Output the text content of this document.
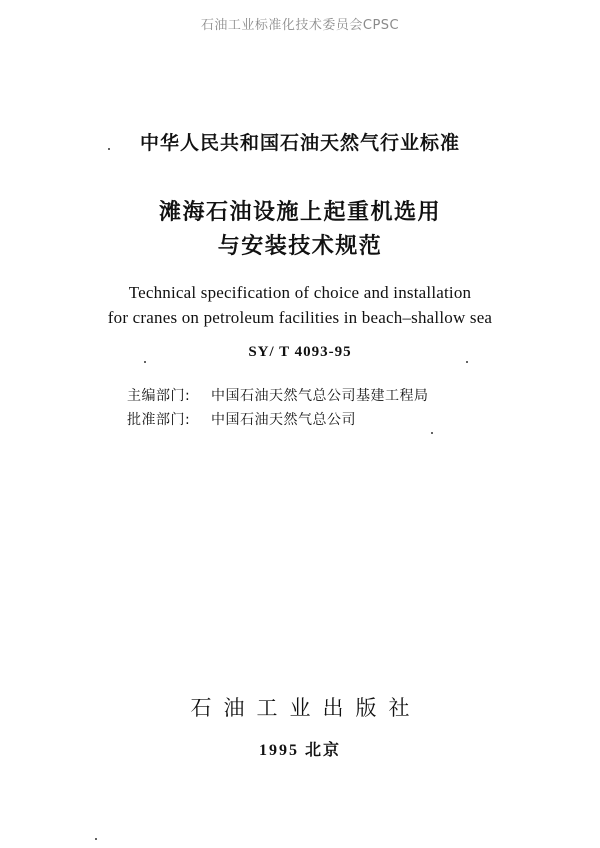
石油工业标准化技术委员会CPSC
中华人民共和国石油天然气行业标准
滩海石油设施上起重机选用
与安装技术规范
Technical specification of choice and installation
for cranes on petroleum facilities in beach–shallow sea
SY/ T 4093-95
主编部门:	中国石油天然气总公司基建工程局
批准部门:	中国石油天然气总公司
石油工业出版社
1995 北京
